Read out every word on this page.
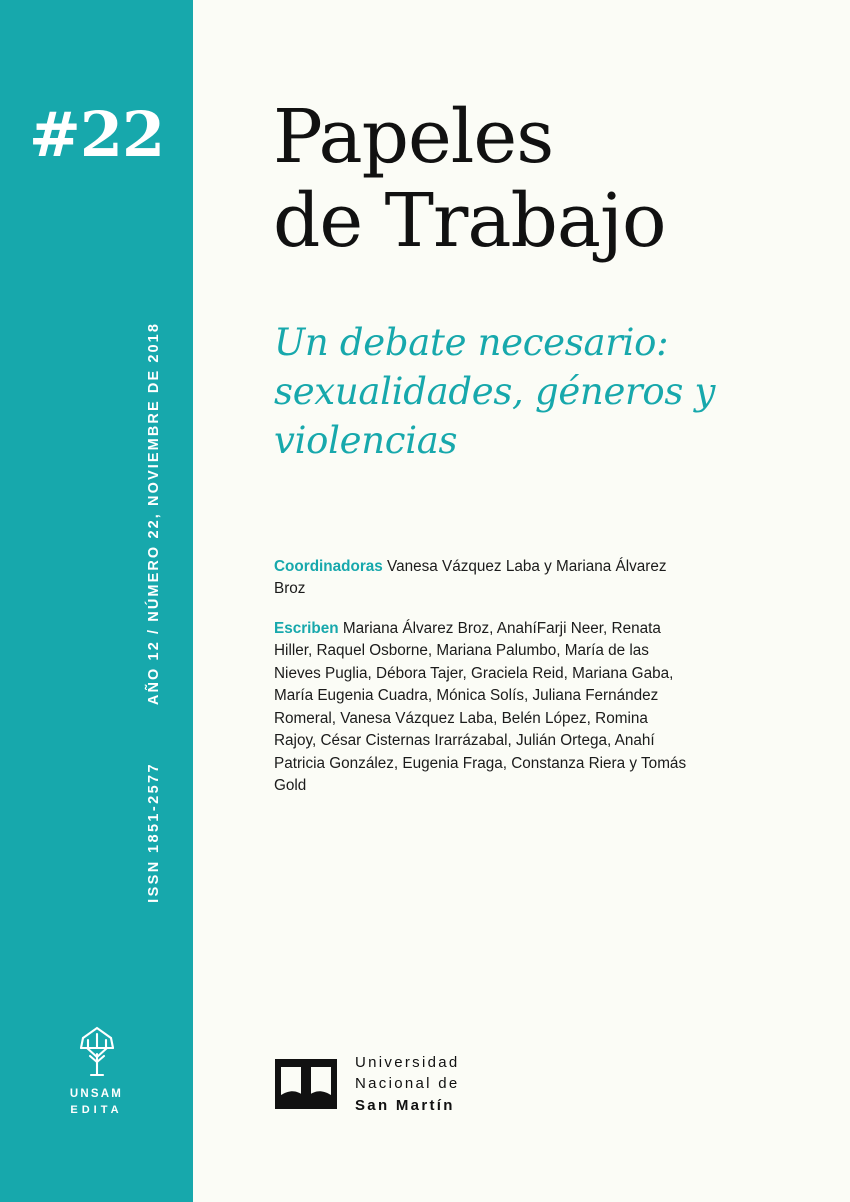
#22
AÑO 12 / NÚMERO 22, NOVIEMBRE DE 2018
ISSN 1851-2577
UNSAM
EDITA
Papeles
de Trabajo
Un debate necesario: sexualidades, géneros y violencias
Coordinadoras Vanesa Vázquez Laba y Mariana Álvarez Broz
Escriben Mariana Álvarez Broz, AnahíFarji Neer, Renata Hiller, Raquel Osborne, Mariana Palumbo, María de las Nieves Puglia, Débora Tajer, Graciela Reid, Mariana Gaba, María Eugenia Cuadra, Mónica Solís, Juliana Fernández Romeral, Vanesa Vázquez Laba, Belén López, Romina Rajoy, César Cisternas Irarrázabal, Julián Ortega, Anahí Patricia González, Eugenia Fraga, Constanza Riera y Tomás Gold
Universidad
Nacional de
San Martín
